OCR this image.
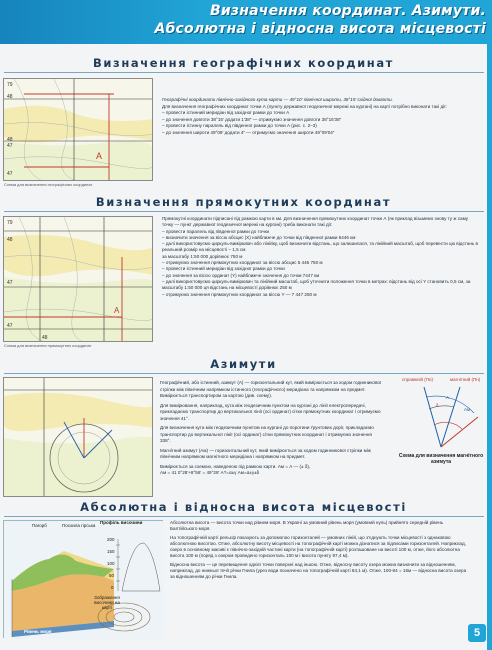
Визначення координат. Азимути.
Абсолютна і відносна висота місцевості
Визначення географічних координат
A
79
48
48
47
47
Схема для визначення географічних координат

Географічні координати північно-західного кута карти — 49°10′ північної широти, 38°15′ східної довготи.

Для визначення географічних координат точки А (пункту державної геодезичної мережі на кургані) на карті потрібно виконати такі дії:

– провести істинний меридіан від західної рамки до точки А

– до значення довготи 38°15′ додати 1′38″ — отримуємо значення довготи 38°16′38″

– провести істинну паралель від південної рамки до точки А (рис. с. 2–3)

– до значення широти 49°09′ додати 4″ — отримуємо значення широти 49°09′04″

Визначення прямокутних координат
A
79
48
47
47
48
Схема для визначення прямокутних координат

Прямокутні координати підписані під рамкою карти в км. Для визначення прямокутних координат точки А (як приклад візьмемо знову ту ж саму точку — пункт державної геодезичної мережі на кургані) треба виконати такі дії:

– провести паралель від південної рамки до точки

– визначити значення за віссю абсцис (Х) найближче до точки від південної рамки 5446 км

– далі використовуємо циркуль-вимірювач або лінійку, щоб визначити відстань, що залишилася, та лінійний масштаб, щоб перевести цю відстань в реальний розмір на місцевості – 1,5 см

за масштабу 1:50 000 дорівнює 750 м

– отримуємо значення прямокутних координат за віссю абсцис 5 446 750 м

– провести істинний меридіан від західної рамки до точки

– до значення за віссю ординат (Y) найближче значення до точки 7447 км

– далі використовуємо циркуль-вимірювач та лінійний масштаб, щоб уточнити положення точки в метрах: відстань від осі Y становить 0,5 см, за масштабу 1:50 000 ця відстань на місцевості дорівнює 250 м

– отримуємо значення прямокутних координат за віссю Y — 7 447 250 м

Азимути

Географічний, або істинний, азимут (А) — горизонтальний кут, який вимірюється за ходом годинникової стрілки між північним напрямком істинного (географічного) меридіана та напрямком на предмет. Вимірюється транспортиром за картою (див. схему).

Для вимірювання, наприклад, кута між геодезичним пунктом на кургані до лінії електропередачі, прикладаємо транспортир до вертикальної лінії (осі ординат) сітки прямокутних координат і отримуємо значення 41°.

Для визначення кута між геодезичним пунктом на кургані до поротини ґрунтових доріг, прикладаємо транспортир до вертикальної лінії (осі ординат) сітки прямокутних координат і отримуємо значення 338°.

Магнітний азимут (Ам) — горизонтальний кут, який вимірюється за ходом годинникової стрілки між північним напрямком магнітного меридіана і напрямком на предмет.

Вимірюється за схемою, наведеною під рамкою карти. Ам = А — (± δ),

Ам = 41 0°28′+8°56′ = 49°28′ А?=α±γ Ам=α±γ±δ

справжній (Пн)	магнітний (Пн)
А
Ам
δ
Схема для визначення магнітного азимута
Абсолютна і відносна висота місцевості
Пагорб	Посхила гірська
Профіль височини
Зображення височини на карті
Рівень моря
200
150
100
50
0

Абсолютна висота — висота точки над рівнем моря. В Україні за умовний рівень моря (умовний нуль) прийнято середній рівень Балтійського моря.

На топографічній карті рельєф показують за допомогою горизонталей — умовних ліній, що з'єднують точки місцевості з однаковою абсолютною висотою. Отже, абсолютну висоту місцевості на топографічній карті можна дізнатися за підписами горизонталей. Наприклад, озеро в основному масиві є північно-західній частині карти (на топографічній карті) розташоване на висоті 100 м, отже, його абсолютна висота 100 м (поряд з озером проведено горизонталь 100 м і висота пункту 97,4 м).

Відносна висота — це перевищення однієї точки поверхні над іншою. Отже, відносну висоту озера можна визначити за відношенням, наприклад, до нижньої течії річки Гнила (урез води позначено на топографічній карті 84,1 м). Отже, 100-84 = 16м — відносна висота озера за відношенням до річки Гнила.

5
